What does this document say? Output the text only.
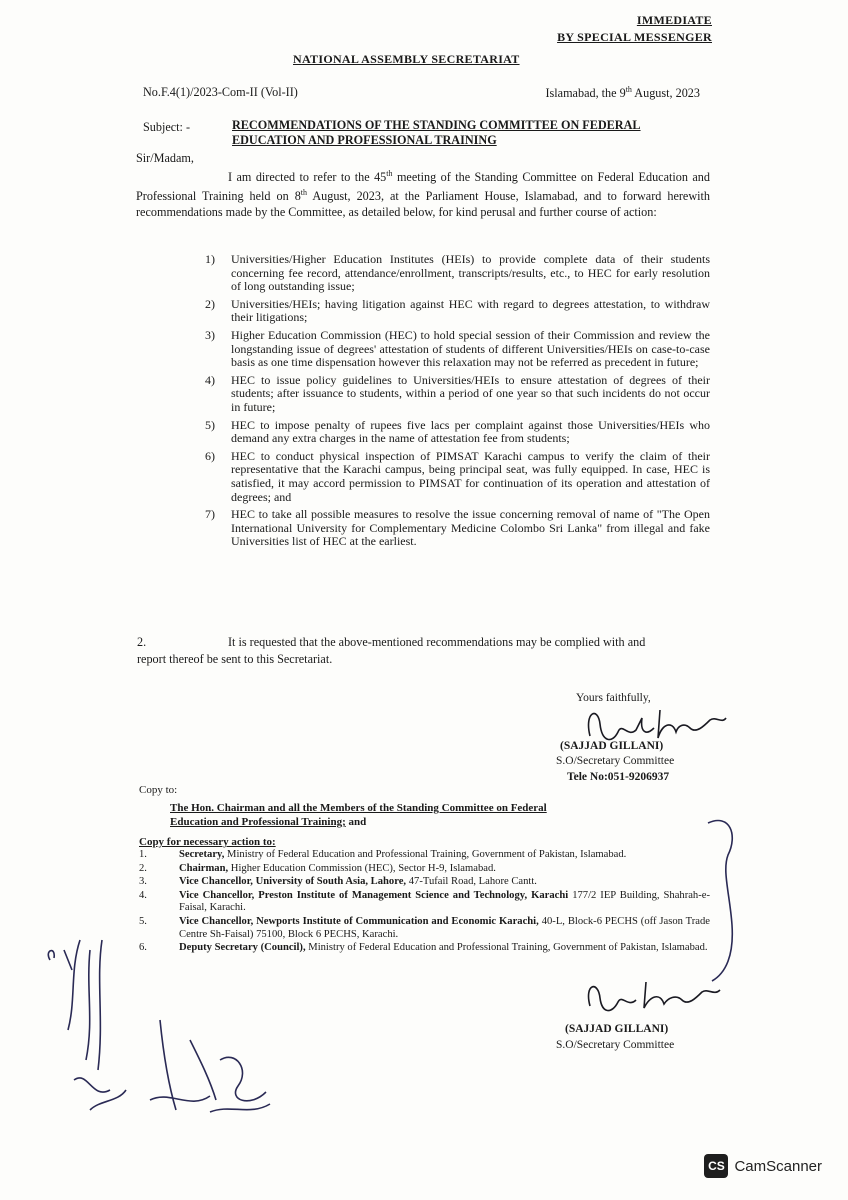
IMMEDIATE
BY SPECIAL MESSENGER
NATIONAL ASSEMBLY SECRETARIAT
No.F.4(1)/2023-Com-II (Vol-II)	Islamabad, the 9th August, 2023
Subject: -	RECOMMENDATIONS OF THE STANDING COMMITTEE ON FEDERAL EDUCATION AND PROFESSIONAL TRAINING
Sir/Madam,
I am directed to refer to the 45th meeting of the Standing Committee on Federal Education and Professional Training held on 8th August, 2023, at the Parliament House, Islamabad, and to forward herewith recommendations made by the Committee, as detailed below, for kind perusal and further course of action:
1) Universities/Higher Education Institutes (HEIs) to provide complete data of their students concerning fee record, attendance/enrollment, transcripts/results, etc., to HEC for early resolution of long outstanding issue;
2) Universities/HEIs; having litigation against HEC with regard to degrees attestation, to withdraw their litigations;
3) Higher Education Commission (HEC) to hold special session of their Commission and review the longstanding issue of degrees' attestation of students of different Universities/HEIs on case-to-case basis as one time dispensation however this relaxation may not be referred as precedent in future;
4) HEC to issue policy guidelines to Universities/HEIs to ensure attestation of degrees of their students; after issuance to students, within a period of one year so that such incidents do not occur in future;
5) HEC to impose penalty of rupees five lacs per complaint against those Universities/HEIs who demand any extra charges in the name of attestation fee from students;
6) HEC to conduct physical inspection of PIMSAT Karachi campus to verify the claim of their representative that the Karachi campus, being principal seat, was fully equipped. In case, HEC is satisfied, it may accord permission to PIMSAT for continuation of its operation and attestation of degrees; and
7) HEC to take all possible measures to resolve the issue concerning removal of name of "The Open International University for Complementary Medicine Colombo Sri Lanka" from illegal and fake Universities list of HEC at the earliest.
2.	It is requested that the above-mentioned recommendations may be complied with and
report thereof be sent to this Secretariat.
Yours faithfully,
(SAJJAD GILLANI)
S.O/Secretary Committee
Tele No:051-9206937
Copy to:
The Hon. Chairman and all the Members of the Standing Committee on Federal Education and Professional Training; and
Copy for necessary action to:
1.	Secretary, Ministry of Federal Education and Professional Training, Government of Pakistan, Islamabad.
2.	Chairman, Higher Education Commission (HEC), Sector H-9, Islamabad.
3.	Vice Chancellor, University of South Asia, Lahore, 47-Tufail Road, Lahore Cantt.
4.	Vice Chancellor, Preston Institute of Management Science and Technology, Karachi 177/2 IEP Building, Shahrah-e-Faisal, Karachi.
5.	Vice Chancellor, Newports Institute of Communication and Economic Karachi, 40-L, Block-6 PECHS (off Jason Trade Centre Sh-Faisal) 75100, Block 6 PECHS, Karachi.
6.	Deputy Secretary (Council), Ministry of Federal Education and Professional Training, Government of Pakistan, Islamabad.
(SAJJAD GILLANI)
S.O/Secretary Committee
CS CamScanner
